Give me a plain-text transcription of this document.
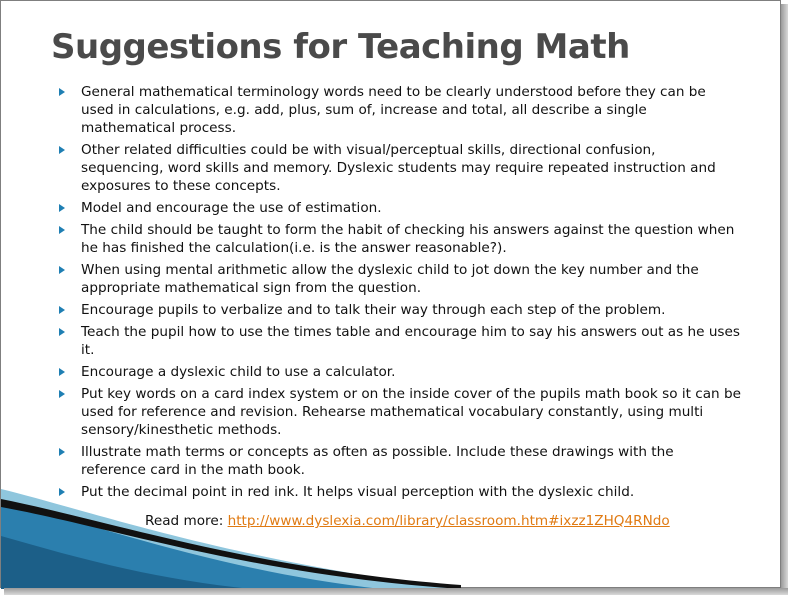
Suggestions for Teaching Math
General mathematical terminology words need to be clearly understood before they can be used in calculations, e.g. add, plus, sum of, increase and total, all describe a single mathematical process.
Other related difficulties could be with visual/perceptual skills, directional confusion, sequencing, word skills and memory. Dyslexic students may require repeated instruction and exposures to these concepts.
Model and encourage the use of estimation.
The child should be taught to form the habit of checking his answers against the question when he has finished the calculation(i.e. is the answer reasonable?).
When using mental arithmetic allow the dyslexic child to jot down the key number and the appropriate mathematical sign from the question.
Encourage pupils to verbalize and to talk their way through each step of the problem.
Teach the pupil how to use the times table and encourage him to say his answers out as he uses it.
Encourage a dyslexic child to use a calculator.
Put key words on a card index system or on the inside cover of the pupils math book so it can be used for reference and revision. Rehearse mathematical vocabulary constantly, using multi sensory/kinesthetic methods.
Illustrate math terms or concepts as often as possible. Include these drawings with the reference card in the math book.
Put the decimal point in red ink. It helps visual perception with the dyslexic child.
Read more: http://www.dyslexia.com/library/classroom.htm#ixzz1ZHQ4RNdo
